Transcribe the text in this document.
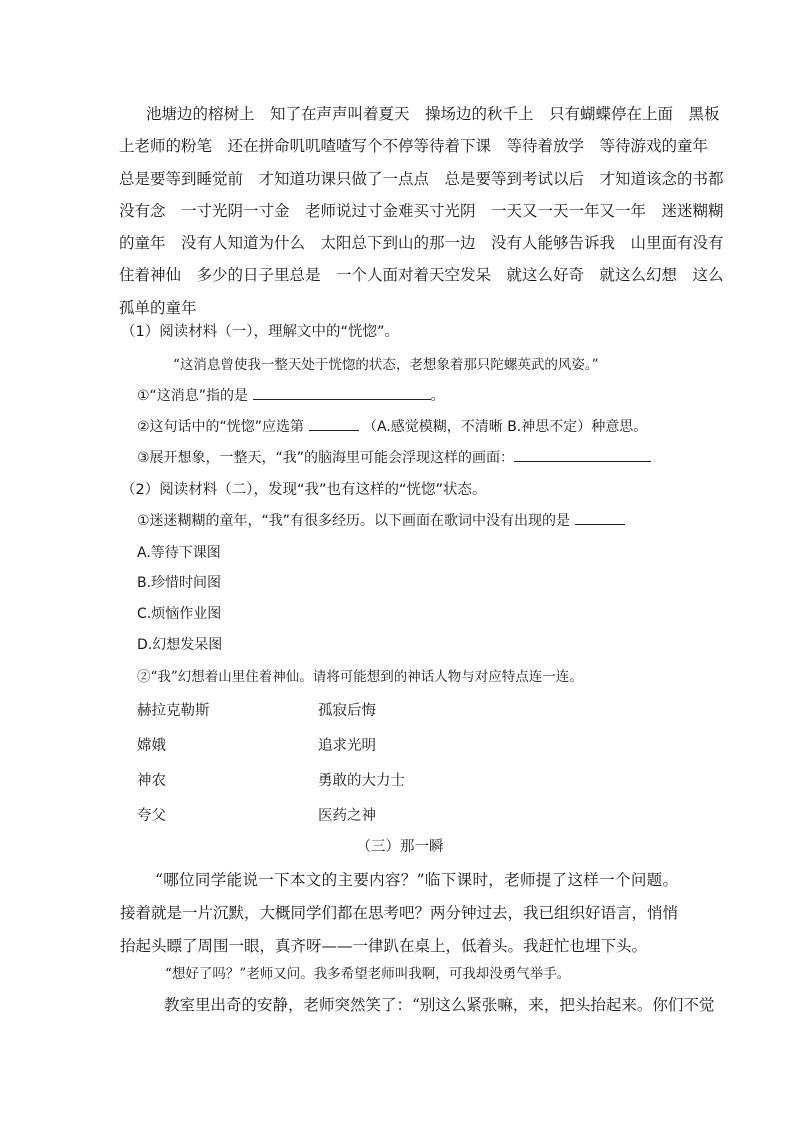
池塘边的榕树上　知了在声声叫着夏天　操场边的秋千上　只有蝴蝶停在上面　黑板

上老师的粉笔　还在拼命叽叽喳喳写个不停等待着下课　等待着放学　等待游戏的童年

总是要等到睡觉前　才知道功课只做了一点点　总是要等到考试以后　才知道该念的书都

没有念　一寸光阴一寸金　老师说过寸金难买寸光阴　一天又一天一年又一年　迷迷糊糊

的童年　没有人知道为什么　太阳总下到山的那一边　没有人能够告诉我　山里面有没有

住着神仙　多少的日子里总是　一个人面对着天空发呆　就这么好奇　就这么幻想　这么

孤单的童年

（1）阅读材料（一），理解文中的“恍惚”。
“这消息曾使我一整天处于恍惚的状态，老想象着那只陀螺英武的风姿。”
①“这消息”指的是	。
②这句话中的“恍惚”应选第	（A.感觉模糊，不清晰 B.神思不定）种意思。
③展开想象，一整天，“我”的脑海里可能会浮现这样的画面：
（2）阅读材料（二），发现“我”也有这样的“恍惚”状态。
①迷迷糊糊的童年，“我”有很多经历。以下画面在歌词中没有出现的是
A.等待下课图
B.珍惜时间图
C.烦恼作业图
D.幻想发呆图
②“我”幻想着山里住着神仙。请将可能想到的神话人物与对应特点连一连。
赫拉克勒斯
嫦娥
神农
夸父
孤寂后悔
追求光明
勇敢的大力士
医药之神
（三）那一瞬

“哪位同学能说一下本文的主要内容？”临下课时，老师提了这样一个问题。接着就是一片沉默，大概同学们都在思考吧？两分钟过去，我已组织好语言，悄悄抬起头瞟了周围一眼，真齐呀——一律趴在桌上，低着头。我赶忙也埋下头。

“想好了吗？”老师又问。我多希望老师叫我啊，可我却没勇气举手。

教室里出奇的安静，老师突然笑了：“别这么紧张嘛，来，把头抬起来。你们不觉
